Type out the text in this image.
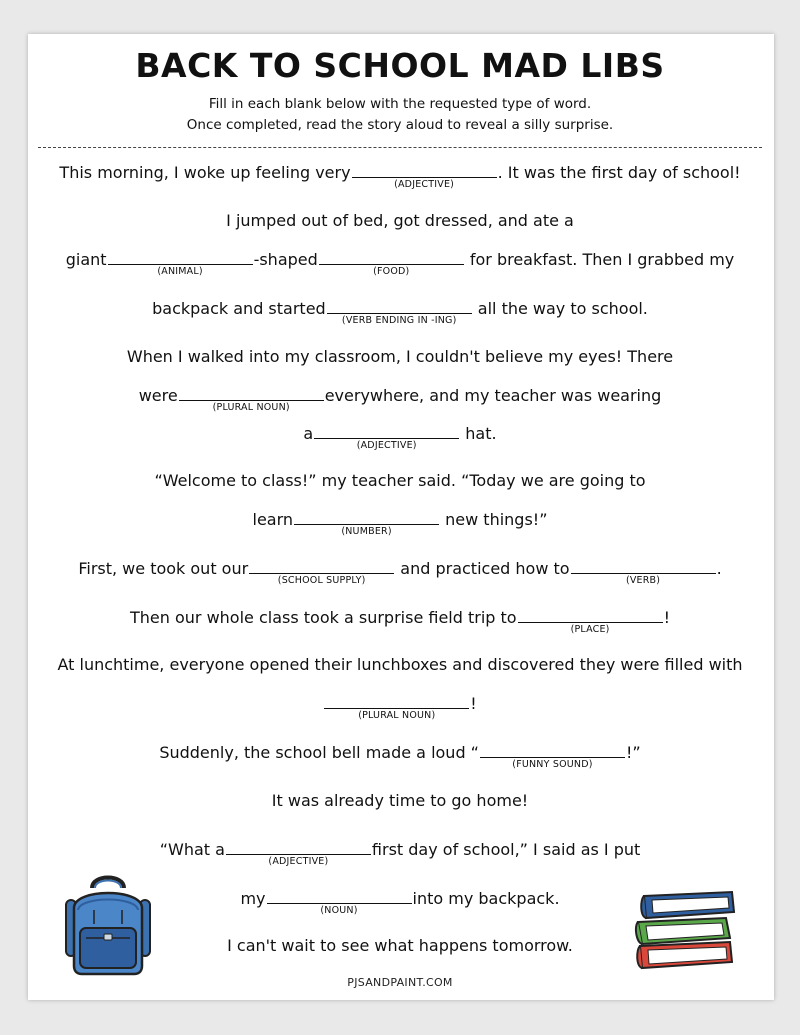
BACK TO SCHOOL MAD LIBS
Fill in each blank below with the requested type of word.
Once completed, read the story aloud to reveal a silly surprise.
This morning, I woke up feeling very
(ADJECTIVE)
. It was the first day of school!
I jumped out of bed, got dressed, and ate a
giant
(ANIMAL)
-shaped
(FOOD)
for breakfast. Then I grabbed my
backpack and started
(VERB ENDING IN -ING)
all the way to school.
When I walked into my classroom, I couldn't believe my eyes! There
were
(PLURAL NOUN)
everywhere, and my teacher was wearing
a
(ADJECTIVE)
hat.
“Welcome to class!” my teacher said. “Today we are going to
learn
(NUMBER)
new things!”
First, we took out our
(SCHOOL SUPPLY)
and practiced how to
(VERB)
.
Then our whole class took a surprise field trip to
(PLACE)
!
At lunchtime, everyone opened their lunchboxes and discovered they were filled with
(PLURAL NOUN)
!
Suddenly, the school bell made a loud “
(FUNNY SOUND)
!”
It was already time to go home!
“What a
(ADJECTIVE)
first day of school,” I said as I put
my
(NOUN)
into my backpack.
I can't wait to see what happens tomorrow.
PJSANDPAINT.COM
